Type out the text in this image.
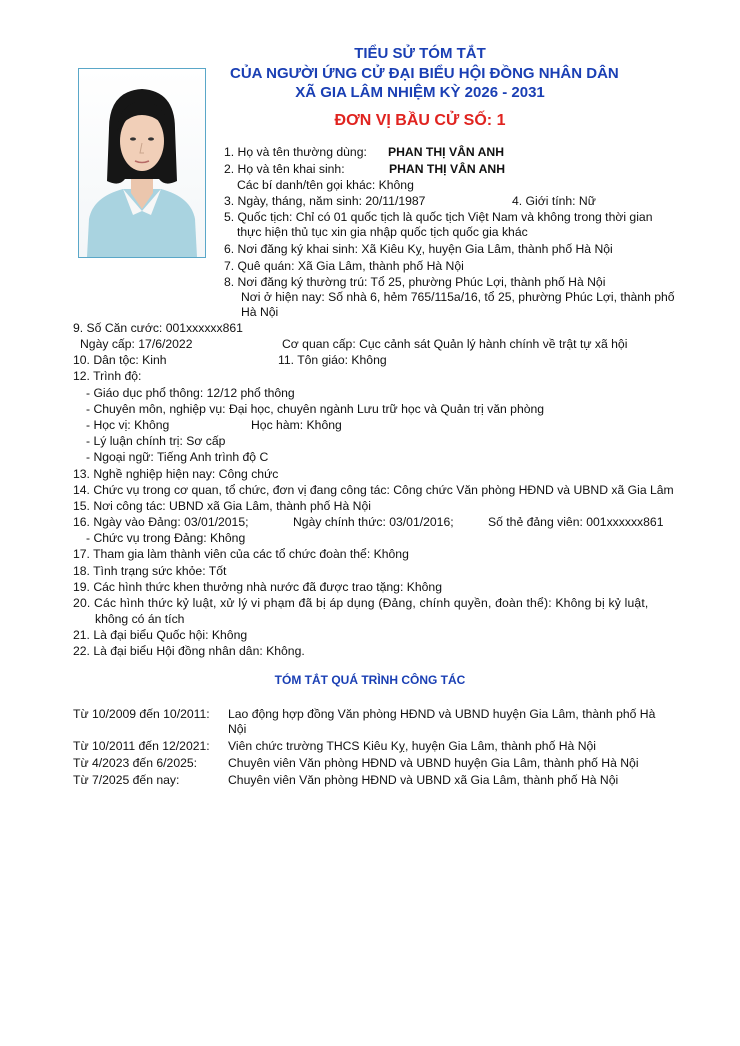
TIỂU SỬ TÓM TẮT
CỦA NGƯỜI ỨNG CỬ ĐẠI BIỂU HỘI ĐỒNG NHÂN DÂN
XÃ GIA LÂM NHIỆM KỲ 2026 - 2031
ĐƠN VỊ BẦU CỬ SỐ: 1
1. Họ và tên thường dùng: PHAN THỊ VÂN ANH
2. Họ và tên khai sinh:	PHAN THỊ VÂN ANH
Các bí danh/tên gọi khác: Không
3. Ngày, tháng, năm sinh: 20/11/1987	4. Giới tính: Nữ
5. Quốc tịch: Chỉ có 01 quốc tịch là quốc tịch Việt Nam và không trong thời gian
thực hiện thủ tục xin gia nhập quốc tịch quốc gia khác
6. Nơi đăng ký khai sinh: Xã Kiêu Kỵ, huyện Gia Lâm, thành phố Hà Nội
7. Quê quán: Xã Gia Lâm, thành phố Hà Nội
8. Nơi đăng ký thường trú: Tổ 25, phường Phúc Lợi, thành phố Hà Nội
Nơi ở hiện nay: Số nhà 6, hẻm 765/115a/16, tổ 25, phường Phúc Lợi, thành phố
Hà Nội
9. Số Căn cước: 001xxxxxx861
Ngày cấp: 17/6/2022	Cơ quan cấp: Cục cảnh sát Quản lý hành chính về trật tự xã hội
10. Dân tộc: Kinh	11. Tôn giáo: Không
12. Trình độ:
- Giáo dục phổ thông: 12/12 phổ thông
- Chuyên môn, nghiệp vụ: Đại học, chuyên ngành Lưu trữ học và Quản trị văn phòng
- Học vị: Không	Học hàm: Không
- Lý luận chính trị: Sơ cấp
- Ngoại ngữ: Tiếng Anh trình độ C
13. Nghề nghiệp hiện nay: Công chức
14. Chức vụ trong cơ quan, tổ chức, đơn vị đang công tác: Công chức Văn phòng HĐND và UBND xã Gia Lâm
15. Nơi công tác: UBND xã Gia Lâm, thành phố Hà Nội
16. Ngày vào Đảng: 03/01/2015;	Ngày chính thức: 03/01/2016;	Số thẻ đảng viên: 001xxxxxx861
- Chức vụ trong Đảng: Không
17. Tham gia làm thành viên của các tổ chức đoàn thể: Không
18. Tình trạng sức khỏe: Tốt
19. Các hình thức khen thưởng nhà nước đã được trao tặng: Không
20. Các hình thức kỷ luật, xử lý vi phạm đã bị áp dụng (Đảng, chính quyền, đoàn thể): Không bị kỷ luật,
không có án tích
21. Là đại biểu Quốc hội: Không
22. Là đại biểu Hội đồng nhân dân: Không.
TÓM TẮT QUÁ TRÌNH CÔNG TÁC
Từ 10/2009 đến 10/2011: Lao động hợp đồng Văn phòng HĐND và UBND huyện Gia Lâm, thành phố Hà
Nội
Từ 10/2011 đến 12/2021: Viên chức trường THCS Kiêu Kỵ, huyện Gia Lâm, thành phố Hà Nội
Từ 4/2023 đến 6/2025:	Chuyên viên Văn phòng HĐND và UBND huyện Gia Lâm, thành phố Hà Nội
Từ 7/2025 đến nay:	Chuyên viên Văn phòng HĐND và UBND xã Gia Lâm, thành phố Hà Nội
